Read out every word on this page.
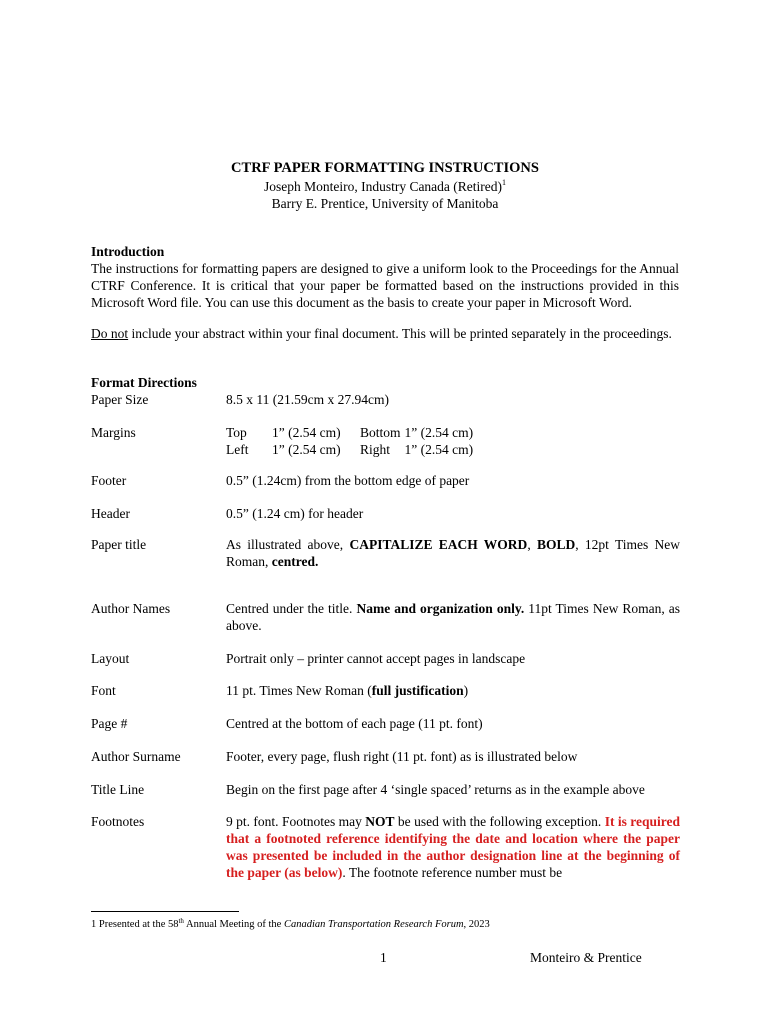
CTRF PAPER FORMATTING INSTRUCTIONS
Joseph Monteiro, Industry Canada (Retired)$^1$
Barry E. Prentice, University of Manitoba
Introduction
The instructions for formatting papers are designed to give a uniform look to the Proceedings for the Annual CTRF Conference. It is critical that your paper be formatted based on the instructions provided in this Microsoft Word file. You can use this document as the basis to create your paper in Microsoft Word.
Do not include your abstract within your final document. This will be printed separately in the proceedings.
Format Directions
Paper Size	8.5 x 11 (21.59cm x 27.94cm)
Margins	Top	1” (2.54 cm)	Bottom	1” (2.54 cm)
Left	1” (2.54 cm)	Right	1” (2.54 cm)
Footer	0.5” (1.24cm) from the bottom edge of paper
Header	0.5” (1.24 cm) for header
Paper title	As illustrated above, CAPITALIZE EACH WORD, BOLD, 12pt Times New Roman, centred.
Author Names	Centred under the title. Name and organization only. 11pt Times New Roman, as above.
Layout	Portrait only – printer cannot accept pages in landscape
Font	11 pt. Times New Roman (full justification)
Page #	Centred at the bottom of each page (11 pt. font)
Author Surname	Footer, every page, flush right (11 pt. font) as is illustrated below
Title Line	Begin on the first page after 4 ‘single spaced’ returns as in the example above
Footnotes	9 pt. font. Footnotes may NOT be used with the following exception. It is required that a footnoted reference identifying the date and location where the paper was presented be included in the author designation line at the beginning of the paper (as below). The footnote reference number must be
1 Presented at the 58th Annual Meeting of the Canadian Transportation Research Forum, 2023
1	Monteiro & Prentice
